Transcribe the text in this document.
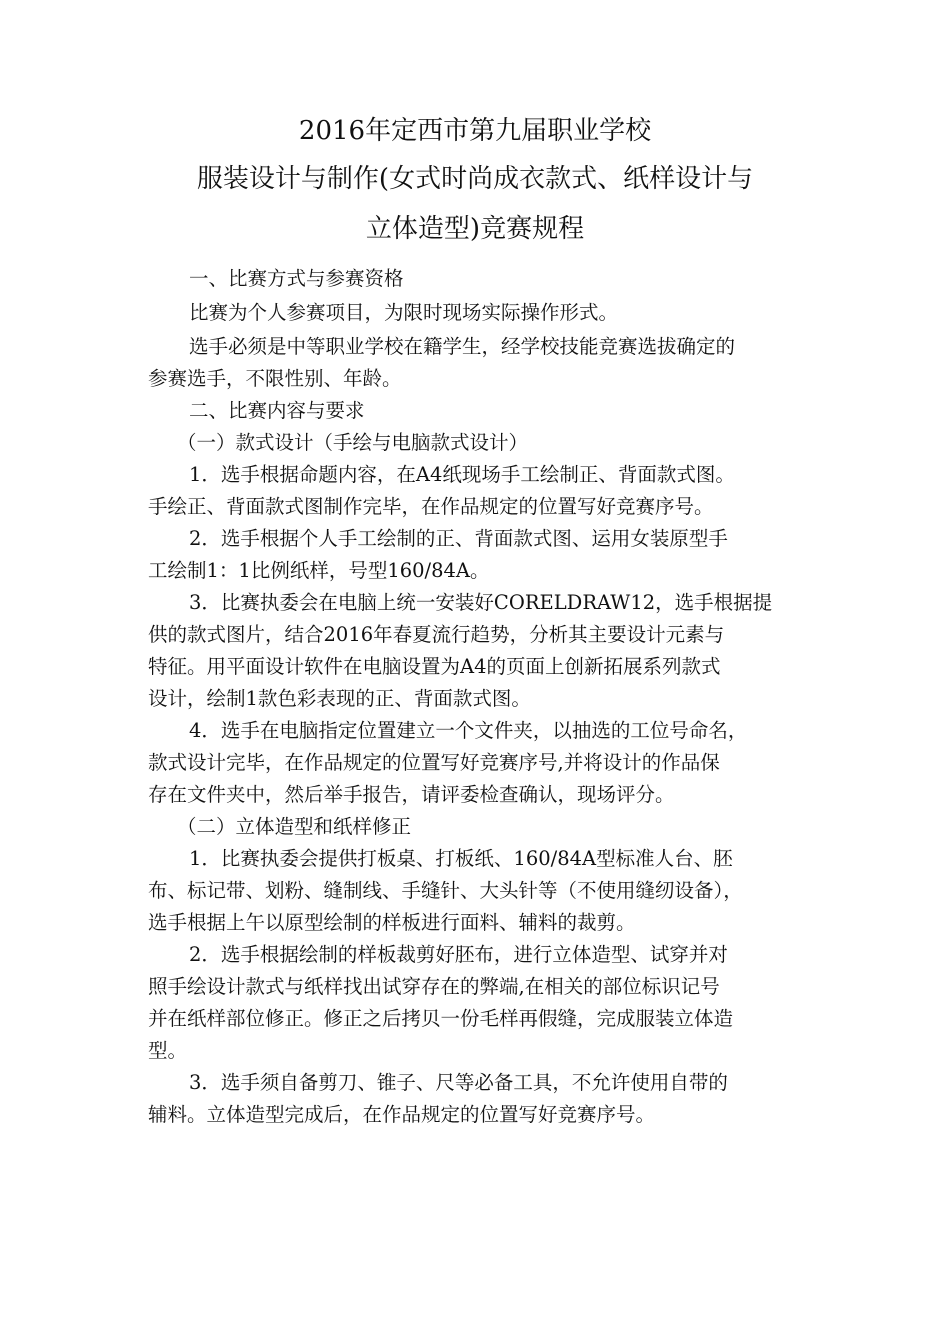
2016年定西市第九届职业学校
服装设计与制作(女式时尚成衣款式、纸样设计与
立体造型)竞赛规程
一、比赛方式与参赛资格
比赛为个人参赛项目，为限时现场实际操作形式。
选手必须是中等职业学校在籍学生，经学校技能竞赛选拔确定的
参赛选手，不限性别、年龄。
二、比赛内容与要求
（一）款式设计（手绘与电脑款式设计）
1．选手根据命题内容，在A4纸现场手工绘制正、背面款式图。
手绘正、背面款式图制作完毕，在作品规定的位置写好竞赛序号。
2．选手根据个人手工绘制的正、背面款式图、运用女装原型手
工绘制1：1比例纸样，号型160/84A。
3．比赛执委会在电脑上统一安装好CORELDRAW12，选手根据提
供的款式图片，结合2016年春夏流行趋势，分析其主要设计元素与
特征。用平面设计软件在电脑设置为A4的页面上创新拓展系列款式
设计，绘制1款色彩表现的正、背面款式图。
4．选手在电脑指定位置建立一个文件夹，以抽选的工位号命名，
款式设计完毕，在作品规定的位置写好竞赛序号,并将设计的作品保
存在文件夹中，然后举手报告，请评委检查确认，现场评分。
（二）立体造型和纸样修正
1．比赛执委会提供打板桌、打板纸、160/84A型标准人台、胚
布、标记带、划粉、缝制线、手缝针、大头针等（不使用缝纫设备），
选手根据上午以原型绘制的样板进行面料、辅料的裁剪。
2．选手根据绘制的样板裁剪好胚布，进行立体造型、试穿并对
照手绘设计款式与纸样找出试穿存在的弊端,在相关的部位标识记号
并在纸样部位修正。修正之后拷贝一份毛样再假缝，完成服装立体造
型。
3．选手须自备剪刀、锥子、尺等必备工具，不允许使用自带的
辅料。立体造型完成后，在作品规定的位置写好竞赛序号。
